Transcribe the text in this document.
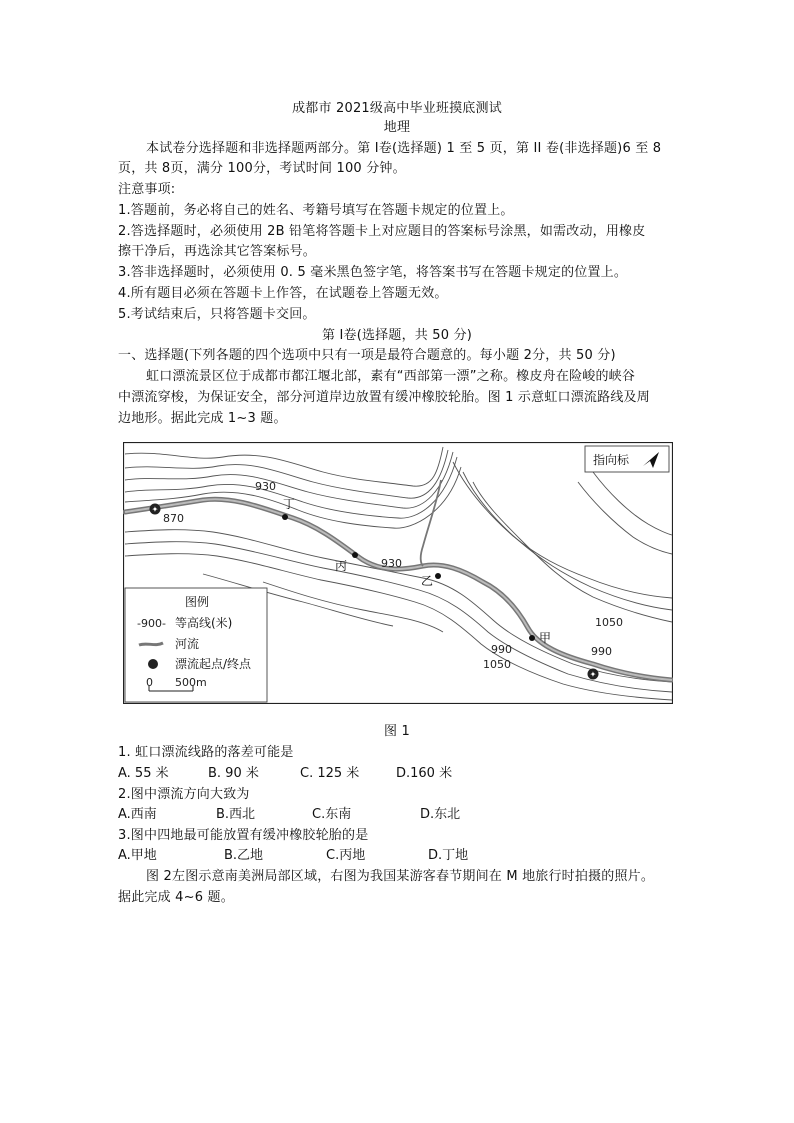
成都市 2021级高中毕业班摸底测试
地理
本试卷分选择题和非选择题两部分。第 I卷(选择题) 1 至 5 页，第 II 卷(非选择题)6 至 8
页，共 8页，满分 100分，考试时间 100 分钟。
注意事项:
1.答题前，务必将自己的姓名、考籍号填写在答题卡规定的位置上。
2.答选择题时，必须使用 2B 铅笔将答题卡上对应题目的答案标号涂黑，如需改动，用橡皮
擦干净后，再选涂其它答案标号。
3.答非选择题时，必须使用 0. 5 毫米黑色签字笔，将答案书写在答题卡规定的位置上。
4.所有题目必须在答题卡上作答，在试题卷上答题无效。
5.考试结束后，只将答题卡交回。
第 I卷(选择题，共 50 分)
一、选择题(下列各题的四个选项中只有一项是最符合题意的。每小题 2分，共 50 分)
虹口漂流景区位于成都市都江堰北部，素有“西部第一漂”之称。橡皮舟在险峻的峡谷
中漂流穿梭，为保证安全，部分河道岸边放置有缓冲橡胶轮胎。图 1 示意虹口漂流路线及周
边地形。据此完成 1~3 题。
✦
✦
930
870
930
1050
990	990
1050
丁
丙
乙
甲
指向标
图例
-900- 等高线(米)
河流
漂流起点/终点
0 500m
图 1
1. 虹口漂流线路的落差可能是
A. 55 米	B. 90 米	C. 125 米	D.160 米
2.图中漂流方向大致为
A.西南	B.西北	C.东南	D.东北
3.图中四地最可能放置有缓冲橡胶轮胎的是
A.甲地	B.乙地	C.丙地	D.丁地
图 2左图示意南美洲局部区域，右图为我国某游客春节期间在 M 地旅行时拍摄的照片。
据此完成 4~6 题。
